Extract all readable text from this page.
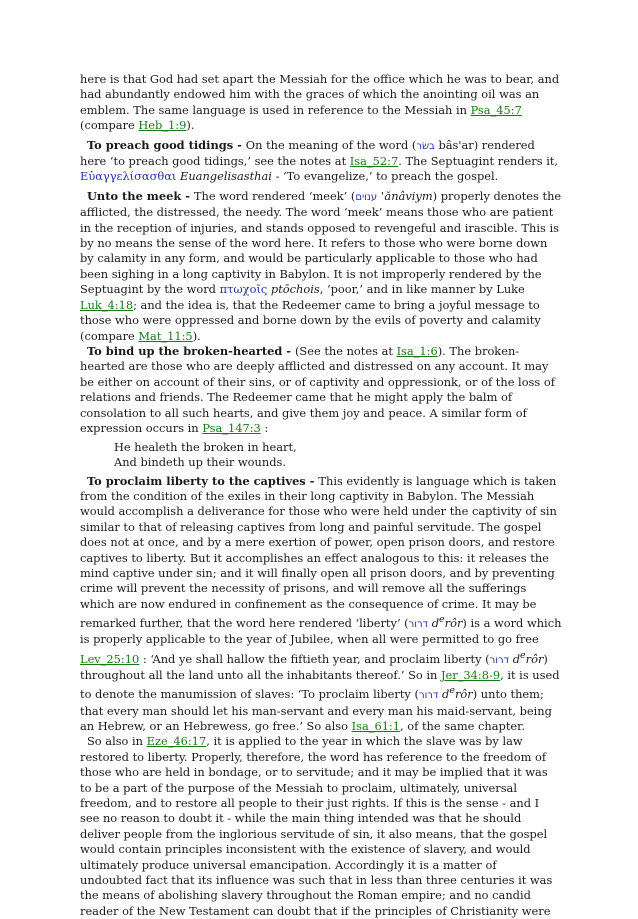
here is that God had set apart the Messiah for the office which he was to bear, and had abundantly endowed him with the graces of which the anointing oil was an emblem. The same language is used in reference to the Messiah in Psa_45:7 (compare Heb_1:9).

To preach good tidings - On the meaning of the word (בשׂר bâs'ar) rendered here ‘to preach good tidings,’ see the notes at Isa_52:7. The Septuagint renders it, Εὐαγγελίσασθαι Euangelisasthai - ‘To evangelize,’ to preach the gospel.

Unto the meek - The word rendered ‘meek’ (ענוים ‛ănâviym) properly denotes the afflicted, the distressed, the needy. The word ‘meek’ means those who are patient in the reception of injuries, and stands opposed to revengeful and irascible. This is by no means the sense of the word here. It refers to those who were borne down by calamity in any form, and would be particularly applicable to those who had been sighing in a long captivity in Babylon. It is not improperly rendered by the Septuagint by the word πτωχοῖς ptōchois, ‘poor,’ and in like manner by Luke Luk_4:18; and the idea is, that the Redeemer came to bring a joyful message to those who were oppressed and borne down by the evils of poverty and calamity (compare Mat_11:5).

To bind up the broken-hearted - (See the notes at Isa_1:6). The broken-hearted are those who are deeply afflicted and distressed on any account. It may be either on account of their sins, or of captivity and oppressionk, or of the loss of relations and friends. The Redeemer came that he might apply the balm of consolation to all such hearts, and give them joy and peace. A similar form of expression occurs in Psa_147:3 :

He healeth the broken in heart,
And bindeth up their wounds.

To proclaim liberty to the captives - This evidently is language which is taken from the condition of the exiles in their long captivity in Babylon. The Messiah would accomplish a deliverance for those who were held under the captivity of sin similar to that of releasing captives from long and painful servitude. The gospel does not at once, and by a mere exertion of power, open prison doors, and restore captives to liberty. But it accomplishes an effect analogous to this: it releases the mind captive under sin; and it will finally open all prison doors, and by preventing crime will prevent the necessity of prisons, and will remove all the sufferings which are now endured in confinement as the consequence of crime. It may be remarked further, that the word here rendered ‘liberty’ (דרור $d^erôr$) is a word which is properly applicable to the year of Jubilee, when all were permitted to go free Lev_25:10 : ‘And ye shall hallow the fiftieth year, and proclaim liberty (דרור $d^erôr$) throughout all the land unto all the inhabitants thereof.’ So in Jer_34:8-9, it is used to denote the manumission of slaves: ‘To proclaim liberty (דרור $d^erôr$) unto them; that every man should let his man-servant and every man his maid-servant, being an Hebrew, or an Hebrewess, go free.’ So also Isa_61:1, of the same chapter.

So also in Eze_46:17, it is applied to the year in which the slave was by law restored to liberty. Properly, therefore, the word has reference to the freedom of those who are held in bondage, or to servitude; and it may be implied that it was to be a part of the purpose of the Messiah to proclaim, ultimately, universal freedom, and to restore all people to their just rights. If this is the sense - and I see no reason to doubt it - while the main thing intended was that he should deliver people from the inglorious servitude of sin, it also means, that the gospel would contain principles inconsistent with the existence of slavery, and would ultimately produce universal emancipation. Accordingly it is a matter of undoubted fact that its influence was such that in less than three centuries it was the means of abolishing slavery throughout the Roman empire; and no candid reader of the New Testament can doubt that if the principles of Christianity were
